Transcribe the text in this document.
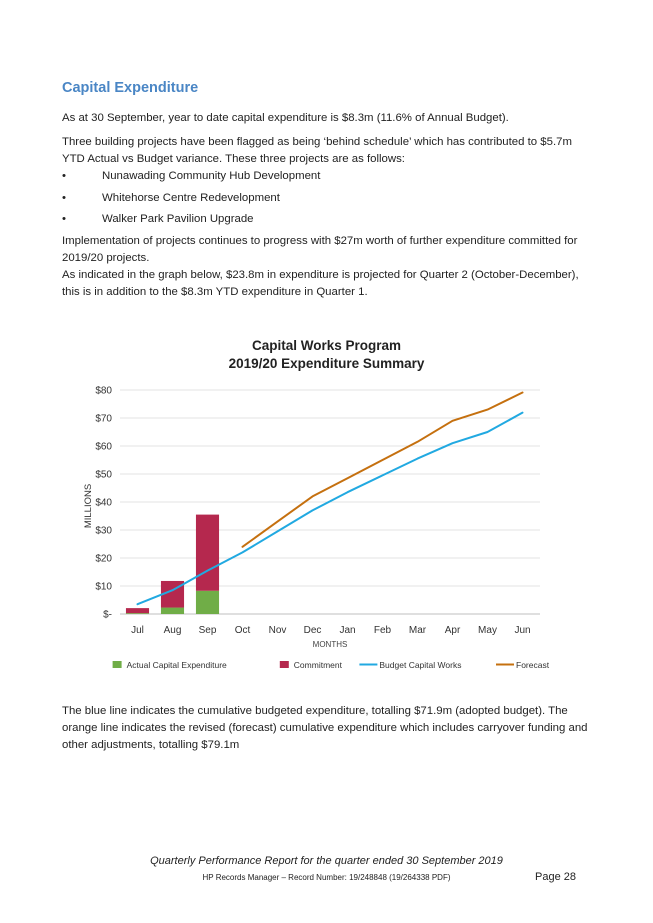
Capital Expenditure

As at 30 September, year to date capital expenditure is $8.3m (11.6% of Annual Budget).

Three building projects have been flagged as being ‘behind schedule’ which has contributed to $5.7m YTD Actual vs Budget variance. These three projects are as follows:

•	Nunawading Community Hub Development
•	Whitehorse Centre Redevelopment
•	Walker Park Pavilion Upgrade

Implementation of projects continues to progress with $27m worth of further expenditure committed for 2019/20 projects.

As indicated in the graph below, $23.8m in expenditure is projected for Quarter 2 (October-December), this is in addition to the $8.3m YTD expenditure in Quarter 1.

Capital Works Program
2019/20 Expenditure Summary
$-
$10
$20
$30
$40
$50
$60
$70
$80
Jul Aug Sep Oct Nov Dec Jan Feb Mar Apr May Jun
MONTHS
MILLIONS
Actual Capital Expenditure	Commitment	Budget Capital Works	Forecast

The blue line indicates the cumulative budgeted expenditure, totalling $71.9m (adopted budget). The orange line indicates the revised (forecast) cumulative expenditure which includes carryover funding and other adjustments, totalling $79.1m

Quarterly Performance Report for the quarter ended 30 September 2019
HP Records Manager – Record Number: 19/248848 (19/264338 PDF)	Page 28
